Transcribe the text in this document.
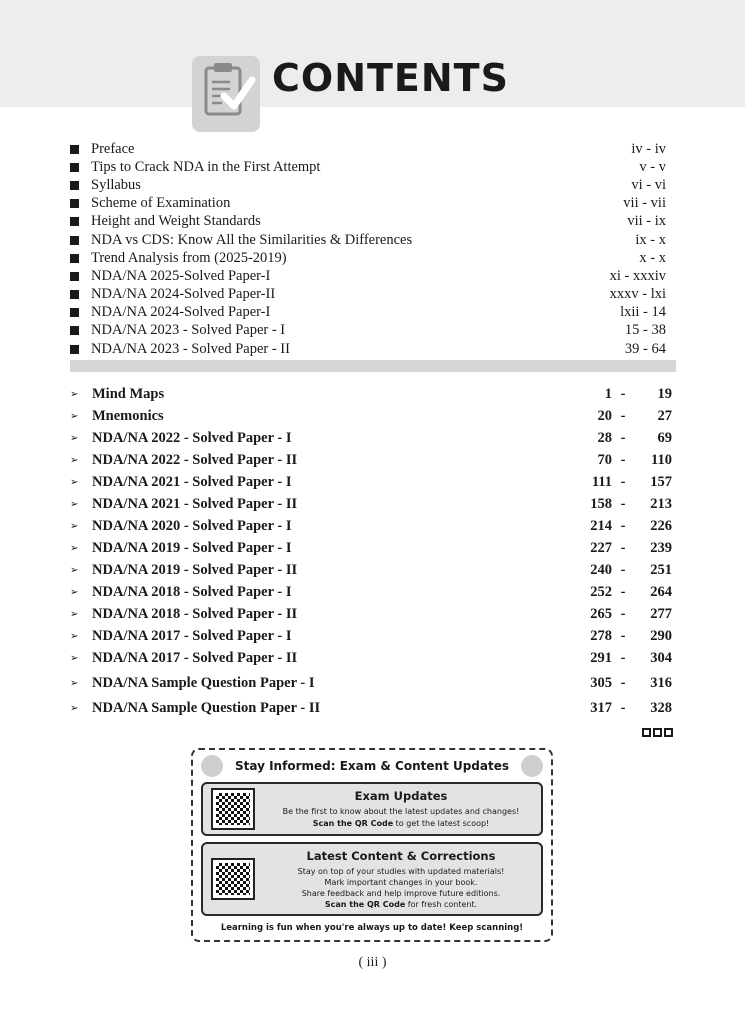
CONTENTS
Preface	iv - iv
Tips to Crack NDA in the First Attempt	v - v
Syllabus	vi - vi
Scheme of Examination	vii - vii
Height and Weight Standards	vii - ix
NDA vs CDS: Know All the Similarities & Differences	ix - x
Trend Analysis from (2025-2019)	x - x
NDA/NA 2025-Solved Paper-I	xi - xxxiv
NDA/NA 2024-Solved Paper-II	xxxv - lxi
NDA/NA 2024-Solved Paper-I	lxii - 14
NDA/NA 2023 - Solved Paper - I	15 - 38
NDA/NA 2023 - Solved Paper - II	39 - 64
➢ Mind Maps	1 -	19
➢ Mnemonics	20 -	27
➢ NDA/NA 2022 - Solved Paper - I	28 -	69
➢ NDA/NA 2022 - Solved Paper - II	70 -	110
➢ NDA/NA 2021 - Solved Paper - I	111 -	157
➢ NDA/NA 2021 - Solved Paper - II	158 -	213
➢ NDA/NA 2020 - Solved Paper - I	214 -	226
➢ NDA/NA 2019 - Solved Paper - I	227 -	239
➢ NDA/NA 2019 - Solved Paper - II	240 -	251
➢ NDA/NA 2018 - Solved Paper - I	252 -	264
➢ NDA/NA 2018 - Solved Paper - II	265 -	277
➢ NDA/NA 2017 - Solved Paper - I	278 -	290
➢ NDA/NA 2017 - Solved Paper - II	291 -	304
➢ NDA/NA Sample Question Paper - I	305 -	316
➢ NDA/NA Sample Question Paper - II	317 -	328
Stay Informed: Exam & Content Updates
Exam Updates
Be the first to know about the latest updates and changes!
Scan the QR Code to get the latest scoop!
Latest Content & Corrections
Stay on top of your studies with updated materials!
Mark important changes in your book.
Share feedback and help improve future editions.
Scan the QR Code for fresh content.
Learning is fun when you're always up to date! Keep scanning!
( iii )
